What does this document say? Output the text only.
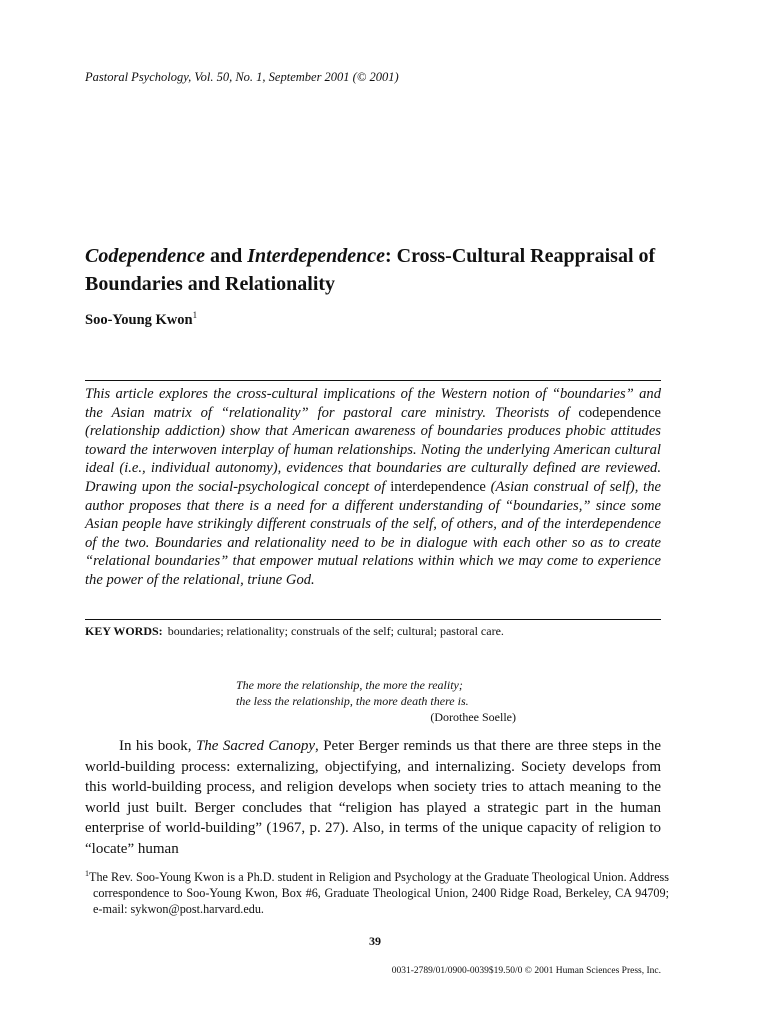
Pastoral Psychology, Vol. 50, No. 1, September 2001 (© 2001)

Codependence and Interdependence: Cross-Cultural Reappraisal of Boundaries and Relationality

Soo-Young Kwon$^1$

This article explores the cross-cultural implications of the Western notion of “boundaries” and the Asian matrix of “relationality” for pastoral care ministry. Theorists of codependence (relationship addiction) show that American awareness of boundaries produces phobic attitudes toward the interwoven interplay of human relationships. Noting the underlying American cultural ideal (i.e., individual autonomy), evidences that boundaries are culturally defined are reviewed. Drawing upon the social-psychological concept of interdependence (Asian construal of self), the author proposes that there is a need for a different understanding of “boundaries,” since some Asian people have strikingly different construals of the self, of others, and of the interdependence of the two. Boundaries and relationality need to be in dialogue with each other so as to create “relational boundaries” that empower mutual relations within which we may come to experience the power of the relational, triune God.

KEY WORDS: boundaries; relationality; construals of the self; cultural; pastoral care.

The more the relationship, the more the reality;
the less the relationship, the more death there is.
(Dorothee Soelle)

In his book, The Sacred Canopy, Peter Berger reminds us that there are three steps in the world-building process: externalizing, objectifying, and internalizing. Society develops from this world-building process, and religion develops when society tries to attach meaning to the world just built. Berger concludes that “religion has played a strategic part in the human enterprise of world-building” (1967, p. 27). Also, in terms of the unique capacity of religion to “locate” human

$^1$The Rev. Soo-Young Kwon is a Ph.D. student in Religion and Psychology at the Graduate Theological Union. Address correspondence to Soo-Young Kwon, Box #6, Graduate Theological Union, 2400 Ridge Road, Berkeley, CA 94709; e-mail: sykwon@post.harvard.edu.

39

0031-2789/01/0900-0039$19.50/0 © 2001 Human Sciences Press, Inc.
